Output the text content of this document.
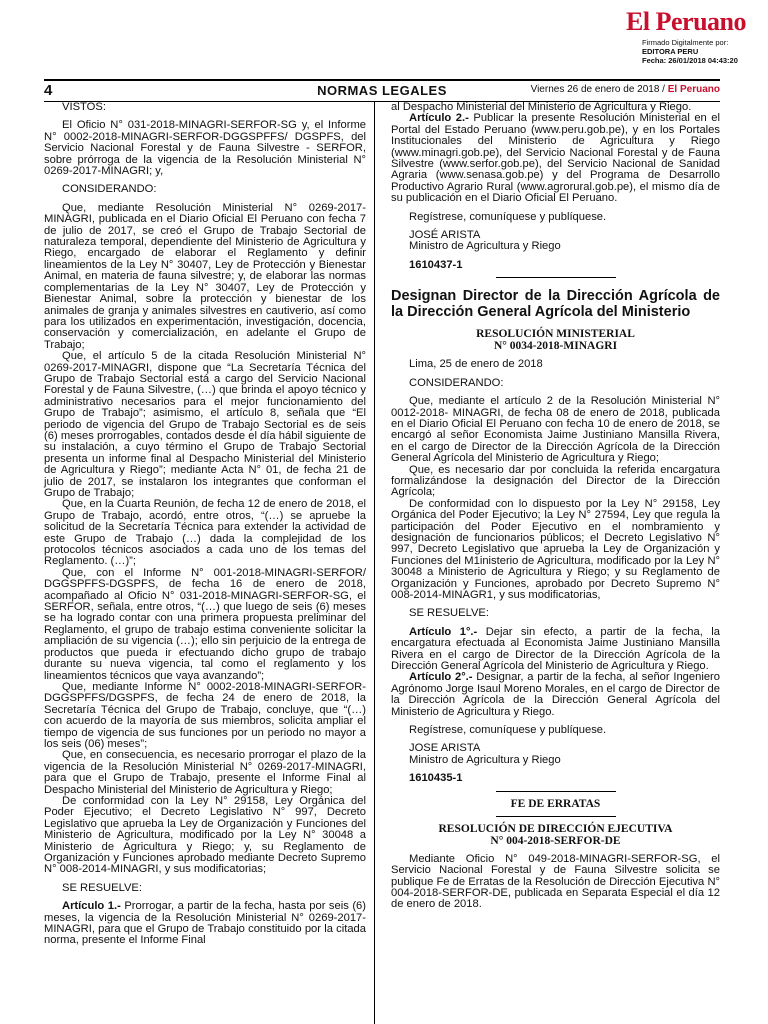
El Peruano
Firmado Digitalmente por:
EDITORA PERU
Fecha: 26/01/2018 04:43:20
4	NORMAS LEGALES	Viernes 26 de enero de 2018 / El Peruano

VISTOS:

El Oficio N° 031-2018-MINAGRI-SERFOR-SG y, el Informe N° 0002-2018-MINAGRI-SERFOR-DGGSPFFS/ DGSPFS, del Servicio Nacional Forestal y de Fauna Silvestre - SERFOR, sobre prórroga de la vigencia de la Resolución Ministerial N° 0269-2017-MINAGRI; y,

CONSIDERANDO:

Que, mediante Resolución Ministerial N° 0269-2017-MINAGRI, publicada en el Diario Oficial El Peruano con fecha 7 de julio de 2017, se creó el Grupo de Trabajo Sectorial de naturaleza temporal, dependiente del Ministerio de Agricultura y Riego, encargado de elaborar el Reglamento y definir lineamientos de la Ley N° 30407, Ley de Protección y Bienestar Animal, en materia de fauna silvestre; y, de elaborar las normas complementarias de la Ley N° 30407, Ley de Protección y Bienestar Animal, sobre la protección y bienestar de los animales de granja y animales silvestres en cautiverio, así como para los utilizados en experimentación, investigación, docencia, conservación y comercialización, en adelante el Grupo de Trabajo;

Que, el artículo 5 de la citada Resolución Ministerial N° 0269-2017-MINAGRI, dispone que “La Secretaría Técnica del Grupo de Trabajo Sectorial está a cargo del Servicio Nacional Forestal y de Fauna Silvestre, (…) que brinda el apoyo técnico y administrativo necesarios para el mejor funcionamiento del Grupo de Trabajo”; asimismo, el artículo 8, señala que “El periodo de vigencia del Grupo de Trabajo Sectorial es de seis (6) meses prorrogables, contados desde el día hábil siguiente de su instalación, a cuyo término el Grupo de Trabajo Sectorial presenta un informe final al Despacho Ministerial del Ministerio de Agricultura y Riego”; mediante Acta N° 01, de fecha 21 de julio de 2017, se instalaron los integrantes que conforman el Grupo de Trabajo;

Que, en la Cuarta Reunión, de fecha 12 de enero de 2018, el Grupo de Trabajo, acordó, entre otros, “(…) se apruebe la solicitud de la Secretaría Técnica para extender la actividad de este Grupo de Trabajo (…) dada la complejidad de los protocolos técnicos asociados a cada uno de los temas del Reglamento. (…)”;

Que, con el Informe N° 001-2018-MINAGRI-SERFOR/ DGGSPFFS-DGSPFS, de fecha 16 de enero de 2018, acompañado al Oficio N° 031-2018-MINAGRI-SERFOR-SG, el SERFOR, señala, entre otros, “(…) que luego de seis (6) meses se ha logrado contar con una primera propuesta preliminar del Reglamento, el grupo de trabajo estima conveniente solicitar la ampliación de su vigencia (…); ello sin perjuicio de la entrega de productos que pueda ir efectuando dicho grupo de trabajo durante su nueva vigencia, tal como el reglamento y los lineamientos técnicos que vaya avanzando”;

Que, mediante Informe N° 0002-2018-MINAGRI-SERFOR-DGGSPFFS/DGSPFS, de fecha 24 de enero de 2018, la Secretaría Técnica del Grupo de Trabajo, concluye, que “(…) con acuerdo de la mayoría de sus miembros, solicita ampliar el tiempo de vigencia de sus funciones por un periodo no mayor a los seis (06) meses”;

Que, en consecuencia, es necesario prorrogar el plazo de la vigencia de la Resolución Ministerial N° 0269-2017-MINAGRI, para que el Grupo de Trabajo, presente el Informe Final al Despacho Ministerial del Ministerio de Agricultura y Riego;

De conformidad con la Ley N° 29158, Ley Orgánica del Poder Ejecutivo; el Decreto Legislativo N° 997, Decreto Legislativo que aprueba la Ley de Organización y Funciones del Ministerio de Agricultura, modificado por la Ley N° 30048 a Ministerio de Agricultura y Riego; y, su Reglamento de Organización y Funciones aprobado mediante Decreto Supremo N° 008-2014-MINAGRI, y sus modificatorias;

SE RESUELVE:

Artículo 1.- Prorrogar, a partir de la fecha, hasta por seis (6) meses, la vigencia de la Resolución Ministerial N° 0269-2017-MINAGRI, para que el Grupo de Trabajo constituido por la citada norma, presente el Informe Final

al Despacho Ministerial del Ministerio de Agricultura y Riego.

Artículo 2.- Publicar la presente Resolución Ministerial en el Portal del Estado Peruano (www.peru.gob.pe), y en los Portales Institucionales del Ministerio de Agricultura y Riego (www.minagri.gob.pe), del Servicio Nacional Forestal y de Fauna Silvestre (www.serfor.gob.pe), del Servicio Nacional de Sanidad Agraria (www.senasa.gob.pe) y del Programa de Desarrollo Productivo Agrario Rural (www.agrorural.gob.pe), el mismo día de su publicación en el Diario Oficial El Peruano.

Regístrese, comuníquese y publíquese.

JOSÉ ARISTA

Ministro de Agricultura y Riego

1610437-1

Designan Director de la Dirección Agrícola de la Dirección General Agrícola del Ministerio
RESOLUCIÓN MINISTERIAL
N° 0034-2018-MINAGRI

Lima, 25 de enero de 2018

CONSIDERANDO:

Que, mediante el artículo 2 de la Resolución Ministerial N° 0012-2018- MINAGRI, de fecha 08 de enero de 2018, publicada en el Diario Oficial El Peruano con fecha 10 de enero de 2018, se encargó al señor Economista Jaime Justiniano Mansilla Rivera, en el cargo de Director de la Dirección Agrícola de la Dirección General Agrícola del Ministerio de Agricultura y Riego;

Que, es necesario dar por concluida la referida encargatura formalizándose la designación del Director de la Dirección Agrícola;

De conformidad con lo dispuesto por la Ley N° 29158, Ley Orgánica del Poder Ejecutivo; la Ley N° 27594, Ley que regula la participación del Poder Ejecutivo en el nombramiento y designación de funcionarios públicos; el Decreto Legislativo N° 997, Decreto Legislativo que aprueba la Ley de Organización y Funciones del M1inisterio de Agricultura, modificado por la Ley N° 30048 a Ministerio de Agricultura y Riego; y su Reglamento de Organización y Funciones, aprobado por Decreto Supremo N° 008-2014-MINAGR1, y sus modificatorias,

SE RESUELVE:

Artículo 1°.- Dejar sin efecto, a partir de la fecha, la encargatura efectuada al Economista Jaime Justiniano Mansilla Rivera en el cargo de Director de la Dirección Agrícola de la Dirección General Agrícola del Ministerio de Agricultura y Riego.

Artículo 2°.- Designar, a partir de la fecha, al señor Ingeniero Agrónomo Jorge Isaul Moreno Morales, en el cargo de Director de la Dirección Agrícola de la Dirección General Agrícola del Ministerio de Agricultura y Riego.

Regístrese, comuníquese y publíquese.

JOSE ARISTA

Ministro de Agricultura y Riego

1610435-1

FE DE ERRATAS
RESOLUCIÓN DE DIRECCIÓN EJECUTIVA
N° 004-2018-SERFOR-DE

Mediante Oficio N° 049-2018-MINAGRI-SERFOR-SG, el Servicio Nacional Forestal y de Fauna Silvestre solicita se publique Fe de Erratas de la Resolución de Dirección Ejecutiva N° 004-2018-SERFOR-DE, publicada en Separata Especial el día 12 de enero de 2018.
